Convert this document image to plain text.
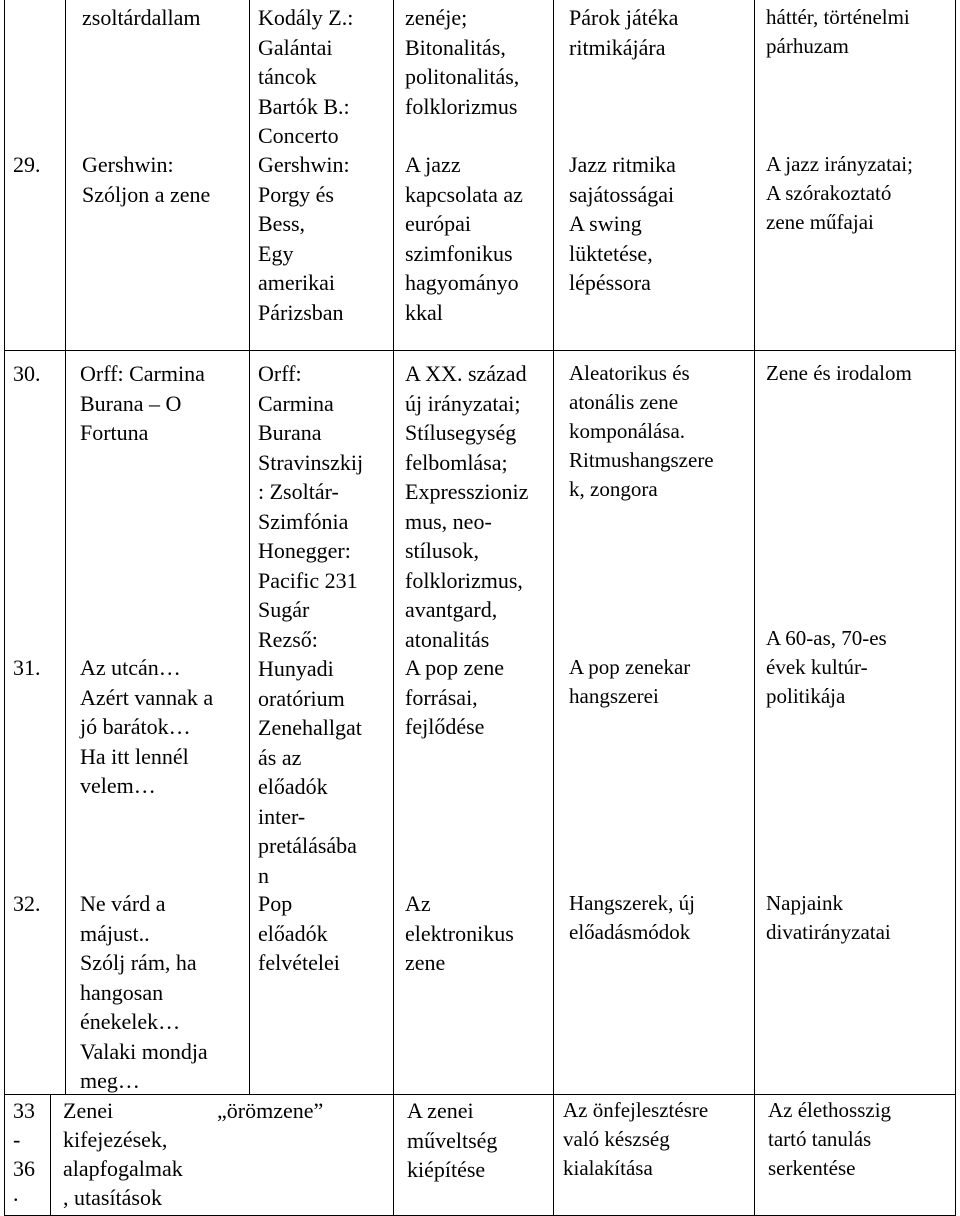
zsoltárdallam	Kodály Z.:
Galántai
táncok
Bartók B.:
Concerto
zenéje;
Bitonalitás,
politonalitás,
folklorizmus
Párok játéka
ritmikájára
háttér, történelmi
párhuzam
29. Gershwin:
Szóljon a zene
Gershwin:
Porgy és
Bess,
Egy
amerikai
Párizsban
A jazz
kapcsolata az
európai
szimfonikus
hagyományo
kkal
Jazz ritmika
sajátosságai
A swing
lüktetése,
lépéssora
A jazz irányzatai;
A szórakoztató
zene műfajai
30. Orff: Carmina
Burana – O
Fortuna
Orff:
Carmina
Burana
Stravinszkij
: Zsoltár-
Szimfónia
Honegger:
Pacific 231
Sugár
Rezső:
Hunyadi
oratórium
Zenehallgat
ás az
előadók
inter-
pretálásába
n
A XX. század
új irányzatai;
Stílusegység
felbomlása;
Expresszioniz
mus, neo-
stílusok,
folklorizmus,
avantgard,
atonalitás
Aleatorikus és
atonális zene
komponálása.
Ritmushangszere
k, zongora
Zene és irodalom
31. Az utcán…
Azért vannak a
jó barátok…
Ha itt lennél
velem…
A pop zene
forrásai,
fejlődése
A pop zenekar
hangszerei
A 60-as, 70-es
évek kultúr-
politikája
32. Ne várd a
májust..
Szólj rám, ha
hangosan
énekelek…
Valaki mondja
meg…
Pop
előadók
felvételei
Az
elektronikus
zene
Hangszerek, új
előadásmódok
Napjaink
divatirányzatai
33
-
36
.
Zenei
kifejezések,
alapfogalmak
, utasítások
„örömzene”	A zenei
műveltség
kiépítése
Az önfejlesztésre
való készség
kialakítása
Az élethosszig
tartó tanulás
serkentése
